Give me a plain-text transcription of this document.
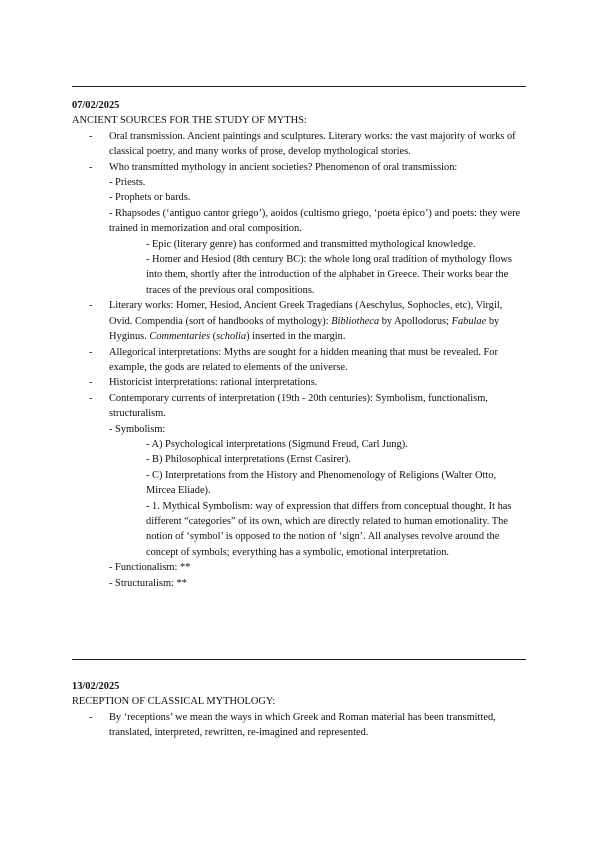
07/02/2025
ANCIENT SOURCES FOR THE STUDY OF MYTHS:
- Oral transmission. Ancient paintings and sculptures. Literary works: the vast majority of works of classical poetry, and many works of prose, develop mythological stories.
- Who transmitted mythology in ancient societies? Phenomenon of oral transmission:
- Priests.
- Prophets or bards.
- Rhapsodes (‘antiguo cantor griego’), aoidos (cultismo griego, ‘poeta épico’) and poets: they were trained in memorization and oral composition.
- Epic (literary genre) has conformed and transmitted mythological knowledge.
- Homer and Hesiod (8th century BC): the whole long oral tradition of mythology flows into them, shortly after the introduction of the alphabet in Greece. Their works bear the traces of the previous oral compositions.
- Literary works: Homer, Hesiod, Ancient Greek Tragedians (Aeschylus, Sophocles, etc), Virgil, Ovid. Compendia (sort of handbooks of mythology): Bibliotheca by Apollodorus; Fabulae by Hyginus. Commentaries (scholia) inserted in the margin.
- Allegorical interpretations: Myths are sought for a hidden meaning that must be revealed. For example, the gods are related to elements of the universe.
- Historicist interpretations: rational interpretations.
- Contemporary currents of interpretation (19th - 20th centuries): Symbolism, functionalism, structuralism.
- Symbolism:
- A) Psychological interpretations (Sigmund Freud, Carl Jung).
- B) Philosophical interpretations (Ernst Casirer).
- C) Interpretations from the History and Phenomenology of Religions (Walter Otto, Mircea Eliade).
- 1. Mythical Symbolism: way of expression that differs from conceptual thought. It has different “categories” of its own, which are directly related to human emotionality. The notion of ‘symbol’ is opposed to the notion of ‘sign’. All analyses revolve around the concept of symbols; everything has a symbolic, emotional interpretation.
- Functionalism: **
- Structuralism: **
13/02/2025
RECEPTION OF CLASSICAL MYTHOLOGY:
- By ‘receptions’ we mean the ways in which Greek and Roman material has been transmitted, translated, interpreted, rewritten, re-imagined and represented.
